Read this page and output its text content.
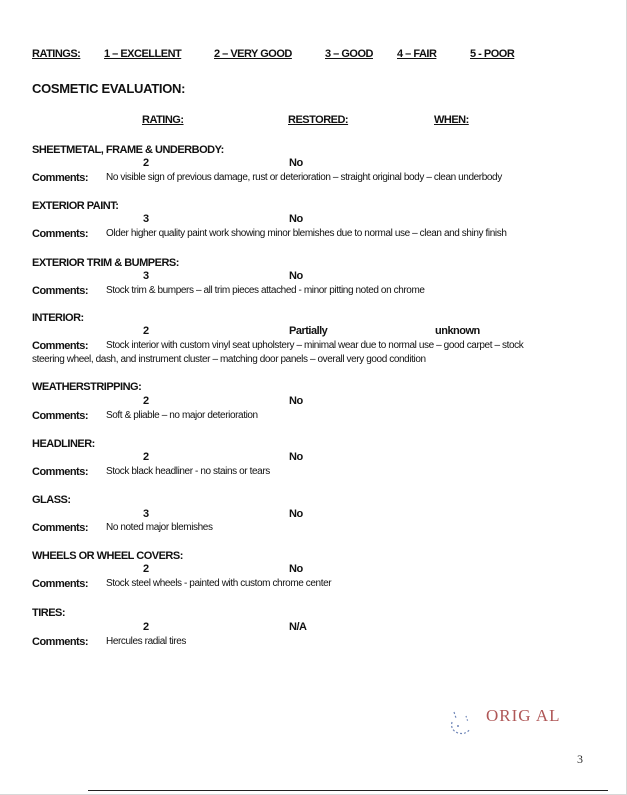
RATINGS: 1 – EXCELLENT	2 – VERY GOOD	3 – GOOD 4 – FAIR	5 - POOR
COSMETIC EVALUATION:
RATING:	RESTORED:	WHEN:
SHEETMETAL, FRAME & UNDERBODY:
2	No
Comments: No visible sign of previous damage, rust or deterioration – straight original body – clean underbody
EXTERIOR PAINT:
3	No
Comments: Older higher quality paint work showing minor blemishes due to normal use – clean and shiny finish
EXTERIOR TRIM & BUMPERS:
3	No
Comments: Stock trim & bumpers – all trim pieces attached - minor pitting noted on chrome
INTERIOR:
2	Partially	unknown
Comments: Stock interior with custom vinyl seat upholstery – minimal wear due to normal use – good carpet – stock
steering wheel, dash, and instrument cluster – matching door panels – overall very good condition
WEATHERSTRIPPING:
2	No
Comments: Soft & pliable – no major deterioration
HEADLINER:
2	No
Comments: Stock black headliner - no stains or tears
GLASS:
3	No
Comments: No noted major blemishes
WHEELS OR WHEEL COVERS:
2	No
Comments: Stock steel wheels - painted with custom chrome center
TIRES:
2	N/A
Comments: Hercules radial tires
ORIG AL
3
